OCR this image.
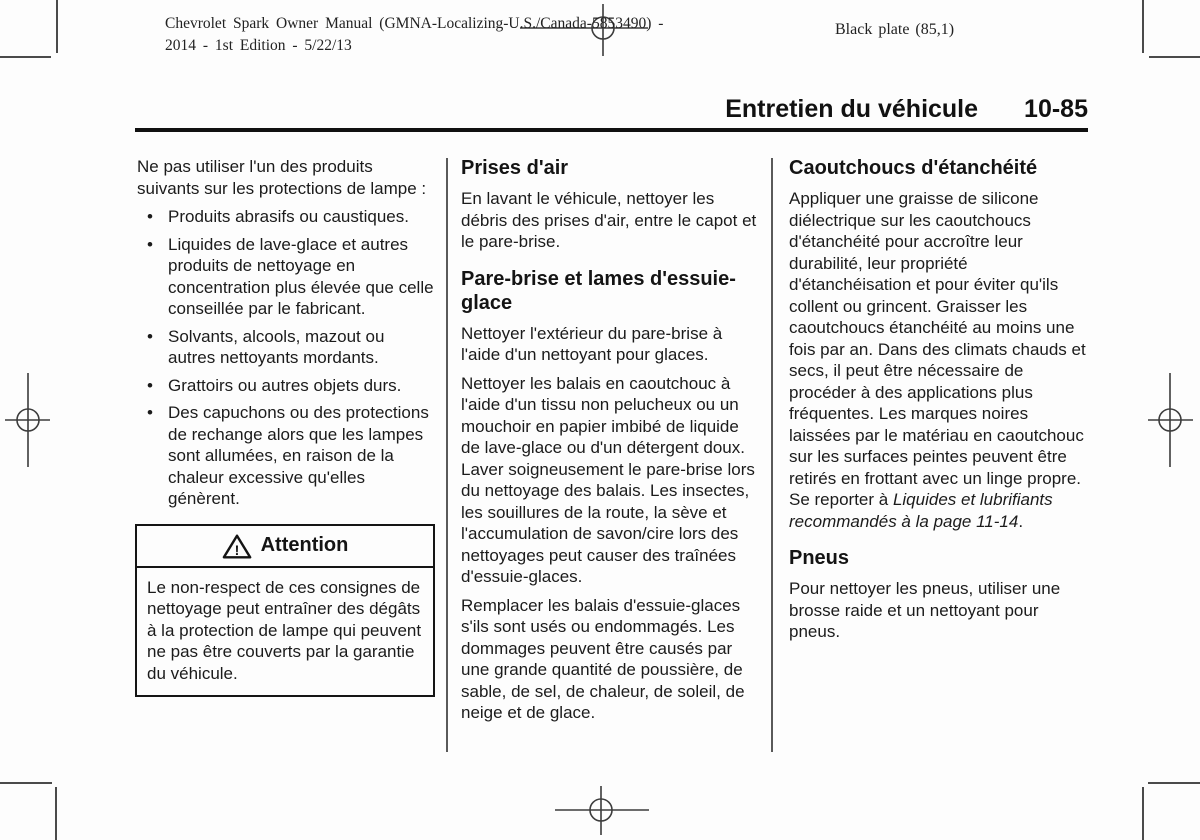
Chevrolet Spark Owner Manual (GMNA-Localizing-U.S./Canada-5853490) -
2014 - 1st Edition - 5/22/13
Black plate (85,1)
Entretien du véhicule 10-85

Ne pas utiliser l'un des produits suivants sur les protections de lampe :

• Produits abrasifs ou caustiques.
• Liquides de lave-glace et autres produits de nettoyage en concentration plus élevée que celle conseillée par le fabricant.
• Solvants, alcools, mazout ou autres nettoyants mordants.
• Grattoirs ou autres objets durs.
• Des capuchons ou des protections de rechange alors que les lampes sont allumées, en raison de la chaleur excessive qu'elles génèrent.
! Attention
Le non-respect de ces consignes de nettoyage peut entraîner des dégâts à la protection de lampe qui peuvent ne pas être couverts par la garantie du véhicule.
Prises d'air

En lavant le véhicule, nettoyer les débris des prises d'air, entre le capot et le pare-brise.

Pare-brise et lames d'essuie-glace

Nettoyer l'extérieur du pare-brise à l'aide d'un nettoyant pour glaces.

Nettoyer les balais en caoutchouc à l'aide d'un tissu non pelucheux ou un mouchoir en papier imbibé de liquide de lave-glace ou d'un détergent doux. Laver soigneusement le pare-brise lors du nettoyage des balais. Les insectes, les souillures de la route, la sève et l'accumulation de savon/cire lors des nettoyages peut causer des traînées d'essuie-glaces.

Remplacer les balais d'essuie-glaces s'ils sont usés ou endommagés. Les dommages peuvent être causés par une grande quantité de poussière, de sable, de sel, de chaleur, de soleil, de neige et de glace.

Caoutchoucs d'étanchéité

Appliquer une graisse de silicone diélectrique sur les caoutchoucs d'étanchéité pour accroître leur durabilité, leur propriété d'étanchéisation et pour éviter qu'ils collent ou grincent. Graisser les caoutchoucs étanchéité au moins une fois par an. Dans des climats chauds et secs, il peut être nécessaire de procéder à des applications plus fréquentes. Les marques noires laissées par le matériau en caoutchouc sur les surfaces peintes peuvent être retirés en frottant avec un linge propre. Se reporter à Liquides et lubrifiants recommandés à la page 11-14.

Pneus

Pour nettoyer les pneus, utiliser une brosse raide et un nettoyant pour pneus.
